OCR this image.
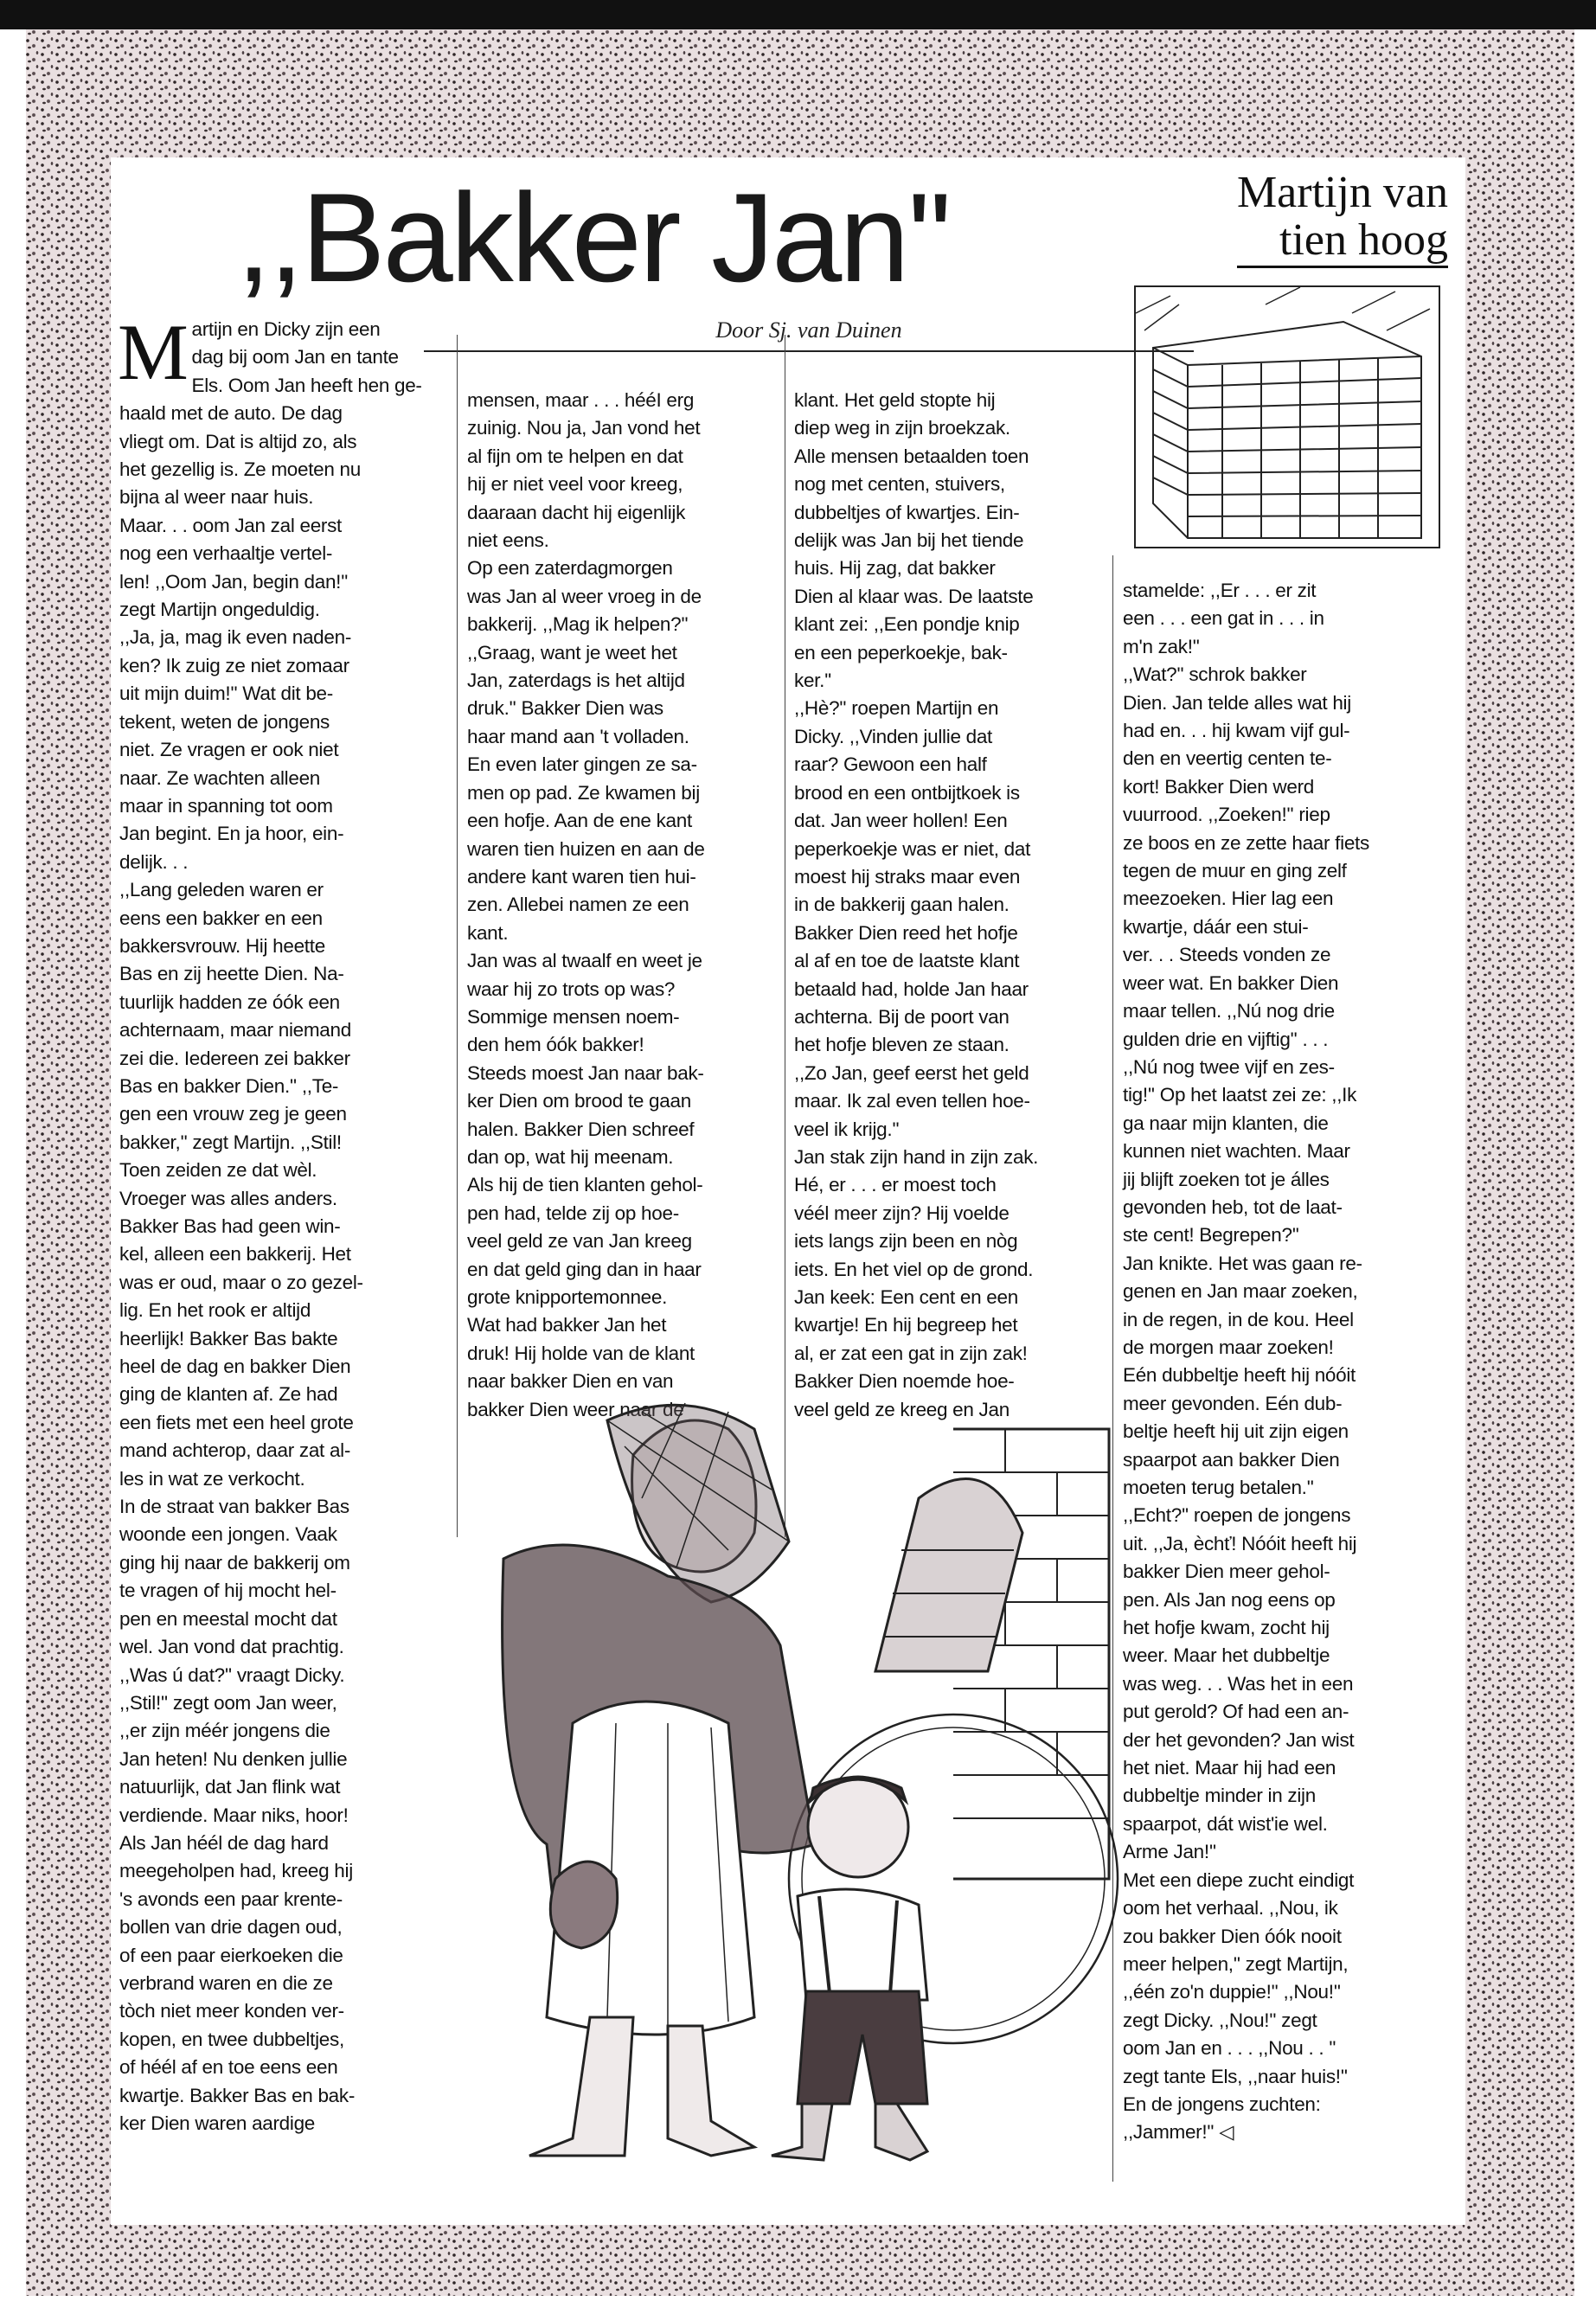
,,Bakker Jan''	Martijn van
tien hoog
Door Sj. van Duinen
Martijn en Dicky zijn een
dag bij oom Jan en tante
Els. Oom Jan heeft hen ge-
haald met de auto. De dag
vliegt om. Dat is altijd zo, als
het gezellig is. Ze moeten nu
bijna al weer naar huis.
Maar. . . oom Jan zal eerst
nog een verhaaltje vertel-
len! ,,Oom Jan, begin dan!''
zegt Martijn ongeduldig.
,,Ja, ja, mag ik even naden-
ken? Ik zuig ze niet zomaar
uit mijn duim!'' Wat dit be-
tekent, weten de jongens
niet. Ze vragen er ook niet
naar. Ze wachten alleen
maar in spanning tot oom
Jan begint. En ja hoor, ein-
delijk. . .
,,Lang geleden waren er
eens een bakker en een
bakkersvrouw. Hij heette
Bas en zij heette Dien. Na-
tuurlijk hadden ze óók een
achternaam, maar niemand
zei die. Iedereen zei bakker
Bas en bakker Dien.'' ,,Te-
gen een vrouw zeg je geen
bakker,'' zegt Martijn. ,,Stil!
Toen zeiden ze dat wèl.
Vroeger was alles anders.
Bakker Bas had geen win-
kel, alleen een bakkerij. Het
was er oud, maar o zo gezel-
lig. En het rook er altijd
heerlijk! Bakker Bas bakte
heel de dag en bakker Dien
ging de klanten af. Ze had
een fiets met een heel grote
mand achterop, daar zat al-
les in wat ze verkocht.
In de straat van bakker Bas
woonde een jongen. Vaak
ging hij naar de bakkerij om
te vragen of hij mocht hel-
pen en meestal mocht dat
wel. Jan vond dat prachtig.
,,Was ú dat?'' vraagt Dicky.
,,Stil!'' zegt oom Jan weer,
,,er zijn méér jongens die
Jan heten! Nu denken jullie
natuurlijk, dat Jan flink wat
verdiende. Maar niks, hoor!
Als Jan héél de dag hard
meegeholpen had, kreeg hij
's avonds een paar krente-
bollen van drie dagen oud,
of een paar eierkoeken die
verbrand waren en die ze
tòch niet meer konden ver-
kopen, en twee dubbeltjes,
of héél af en toe eens een
kwartje. Bakker Bas en bak-
ker Dien waren aardige
mensen, maar . . . hééI erg
zuinig. Nou ja, Jan vond het
al fijn om te helpen en dat
hij er niet veel voor kreeg,
daaraan dacht hij eigenlijk
niet eens.
Op een zaterdagmorgen
was Jan al weer vroeg in de
bakkerij. ,,Mag ik helpen?''
,,Graag, want je weet het
Jan, zaterdags is het altijd
druk.'' Bakker Dien was
haar mand aan 't volladen.
En even later gingen ze sa-
men op pad. Ze kwamen bij
een hofje. Aan de ene kant
waren tien huizen en aan de
andere kant waren tien hui-
zen. Allebei namen ze een
kant.
Jan was al twaalf en weet je
waar hij zo trots op was?
Sommige mensen noem-
den hem óók bakker!
Steeds moest Jan naar bak-
ker Dien om brood te gaan
halen. Bakker Dien schreef
dan op, wat hij meenam.
Als hij de tien klanten gehol-
pen had, telde zij op hoe-
veel geld ze van Jan kreeg
en dat geld ging dan in haar
grote knipportemonnee.
Wat had bakker Jan het
druk! Hij holde van de klant
naar bakker Dien en van
bakker Dien weer naar de
klant. Het geld stopte hij
diep weg in zijn broekzak.
Alle mensen betaalden toen
nog met centen, stuivers,
dubbeltjes of kwartjes. Ein-
delijk was Jan bij het tiende
huis. Hij zag, dat bakker
Dien al klaar was. De laatste
klant zei: ,,Een pondje knip
en een peperkoekje, bak-
ker.''
,,Hè?'' roepen Martijn en
Dicky. ,,Vinden jullie dat
raar? Gewoon een half
brood en een ontbijtkoek is
dat. Jan weer hollen! Een
peperkoekje was er niet, dat
moest hij straks maar even
in de bakkerij gaan halen.
Bakker Dien reed het hofje
al af en toe de laatste klant
betaald had, holde Jan haar
achterna. Bij de poort van
het hofje bleven ze staan.
,,Zo Jan, geef eerst het geld
maar. Ik zal even tellen hoe-
veel ik krijg.''
Jan stak zijn hand in zijn zak.
Hé, er . . . er moest toch
véél meer zijn? Hij voelde
iets langs zijn been en nòg
iets. En het viel op de grond.
Jan keek: Een cent en een
kwartje! En hij begreep het
al, er zat een gat in zijn zak!
Bakker Dien noemde hoe-
veel geld ze kreeg en Jan
stamelde: ,,Er . . . er zit
een . . . een gat in . . . in
m'n zak!''
,,Wat?'' schrok bakker
Dien. Jan telde alles wat hij
had en. . . hij kwam vijf gul-
den en veertig centen te-
kort! Bakker Dien werd
vuurrood. ,,Zoeken!'' riep
ze boos en ze zette haar fiets
tegen de muur en ging zelf
meezoeken. Hier lag een
kwartje, dáár een stui-
ver. . . Steeds vonden ze
weer wat. En bakker Dien
maar tellen. ,,Nú nog drie
gulden drie en vijftig'' . . .
,,Nú nog twee vijf en zes-
tig!'' Op het laatst zei ze: ,,Ik
ga naar mijn klanten, die
kunnen niet wachten. Maar
jij blijft zoeken tot je álles
gevonden heb, tot de laat-
ste cent! Begrepen?''
Jan knikte. Het was gaan re-
genen en Jan maar zoeken,
in de regen, in de kou. Heel
de morgen maar zoeken!
Eén dubbeltje heeft hij nóóit
meer gevonden. Eén dub-
beltje heeft hij uit zijn eigen
spaarpot aan bakker Dien
moeten terug betalen.''
,,Echt?'' roepen de jongens
uit. ,,Ja, èchť! Nóóit heeft hij
bakker Dien meer gehol-
pen. Als Jan nog eens op
het hofje kwam, zocht hij
weer. Maar het dubbeltje
was weg. . . Was het in een
put gerold? Of had een an-
der het gevonden? Jan wist
het niet. Maar hij had een
dubbeltje minder in zijn
spaarpot, dát wist'ie wel.
Arme Jan!''
Met een diepe zucht eindigt
oom het verhaal. ,,Nou, ik
zou bakker Dien óók nooit
meer helpen,'' zegt Martijn,
,,één zo'n duppie!'' ,,Nou!''
zegt Dicky. ,,Nou!'' zegt
oom Jan en . . . ,,Nou . . ''
zegt tante Els, ,,naar huis!''
En de jongens zuchten:
,,Jammer!'' ◁
